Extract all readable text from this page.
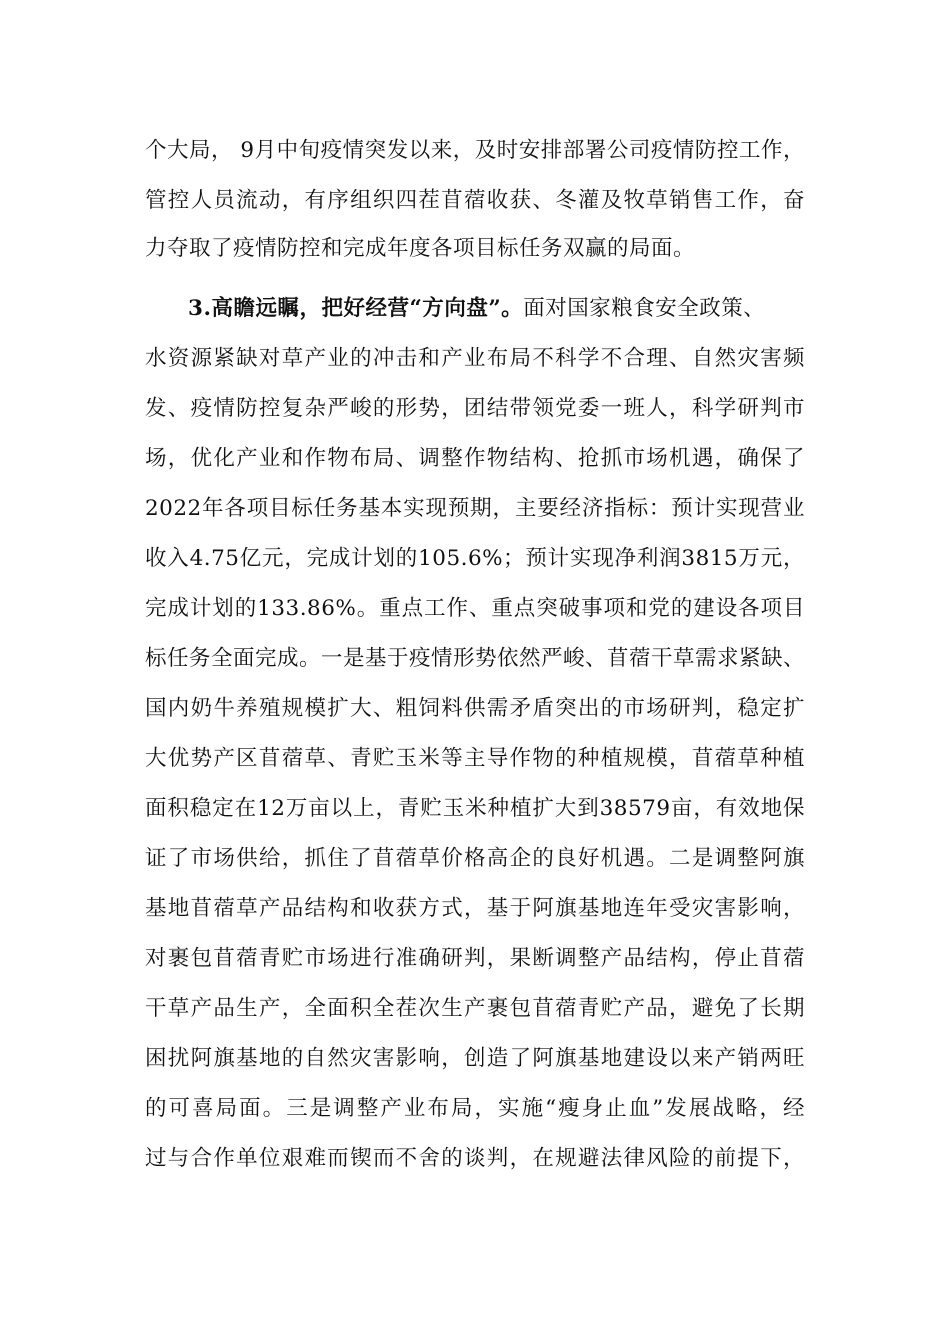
个大局， 9月中旬疫情突发以来，及时安排部署公司疫情防控工作，
管控人员流动，有序组织四茬苜蓿收获、冬灌及牧草销售工作，奋
力夺取了疫情防控和完成年度各项目标任务双赢的局面。
3.高瞻远瞩，把好经营“方向盘”。面对国家粮食安全政策、
水资源紧缺对草产业的冲击和产业布局不科学不合理、自然灾害频
发、疫情防控复杂严峻的形势，团结带领党委一班人，科学研判市
场，优化产业和作物布局、调整作物结构、抢抓市场机遇，确保了
2022年各项目标任务基本实现预期，主要经济指标：预计实现营业
收入4.75亿元，完成计划的105.6%；预计实现净利润3815万元，
完成计划的133.86%。重点工作、重点突破事项和党的建设各项目
标任务全面完成。一是基于疫情形势依然严峻、苜蓿干草需求紧缺、
国内奶牛养殖规模扩大、粗饲料供需矛盾突出的市场研判，稳定扩
大优势产区苜蓿草、青贮玉米等主导作物的种植规模，苜蓿草种植
面积稳定在12万亩以上，青贮玉米种植扩大到38579亩，有效地保
证了市场供给，抓住了苜蓿草价格高企的良好机遇。二是调整阿旗
基地苜蓿草产品结构和收获方式，基于阿旗基地连年受灾害影响，
对裹包苜蓿青贮市场进行准确研判，果断调整产品结构，停止苜蓿
干草产品生产，全面积全茬次生产裹包苜蓿青贮产品，避免了长期
困扰阿旗基地的自然灾害影响，创造了阿旗基地建设以来产销两旺
的可喜局面。三是调整产业布局，实施“瘦身止血”发展战略，经
过与合作单位艰难而锲而不舍的谈判，在规避法律风险的前提下，
